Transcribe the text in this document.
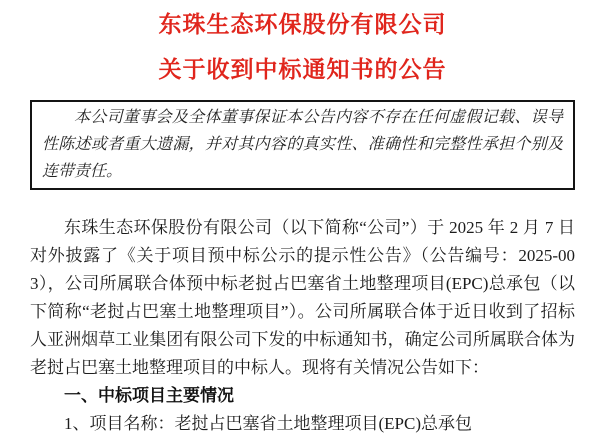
东珠生态环保股份有限公司
关于收到中标通知书的公告

本公司董事会及全体董事保证本公告内容不存在任何虚假记载、误导性陈述或者重大遗漏，并对其内容的真实性、准确性和完整性承担个别及连带责任。

东珠生态环保股份有限公司（以下简称“公司”）于 2025 年 2 月 7 日对外披露了《关于项目预中标公示的提示性公告》（公告编号：2025-003），公司所属联合体预中标老挝占巴塞省土地整理项目(EPC)总承包（以下简称“老挝占巴塞土地整理项目”）。公司所属联合体于近日收到了招标人亚洲烟草工业集团有限公司下发的中标通知书，确定公司所属联合体为老挝占巴塞土地整理项目的中标人。现将有关情况公告如下：

一、中标项目主要情况

1、项目名称：老挝占巴塞省土地整理项目(EPC)总承包
